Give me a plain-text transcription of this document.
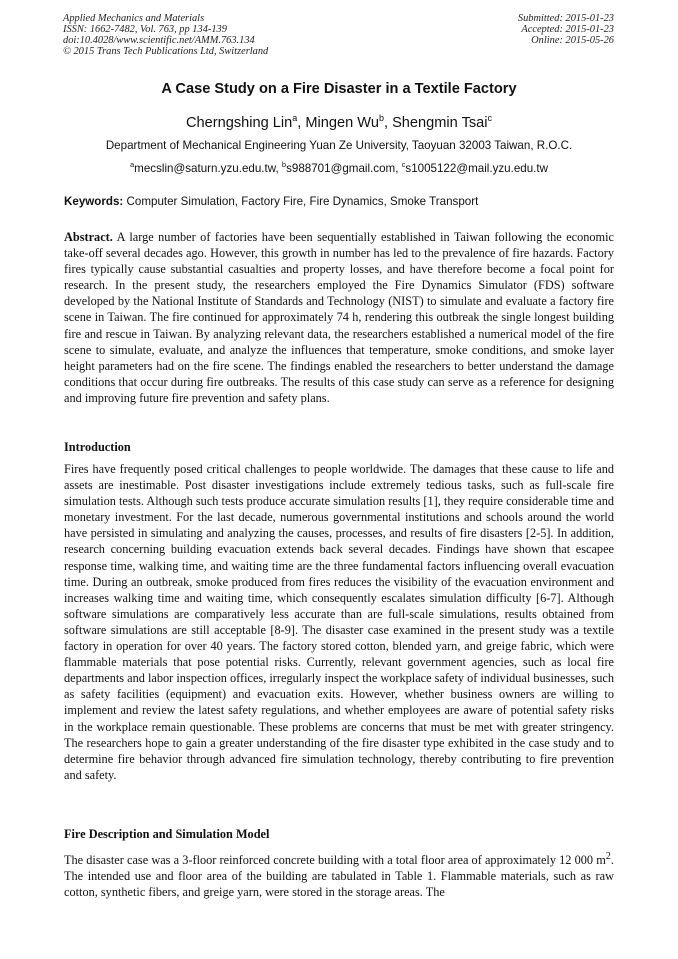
Applied Mechanics and Materials
ISSN: 1662-7482, Vol. 763, pp 134-139
doi:10.4028/www.scientific.net/AMM.763.134
© 2015 Trans Tech Publications Ltd, Switzerland
Submitted: 2015-01-23
Accepted: 2015-01-23
Online: 2015-05-26
A Case Study on a Fire Disaster in a Textile Factory
Cherngshing Lin$^a$, Mingen Wu$^b$, Shengmin Tsai$^c$
Department of Mechanical Engineering Yuan Ze University, Taoyuan 32003 Taiwan, R.O.C.
$^a$mecslin@saturn.yzu.edu.tw, $^b$s988701@gmail.com, $^c$s1005122@mail.yzu.edu.tw
Keywords: Computer Simulation, Factory Fire, Fire Dynamics, Smoke Transport
Abstract. A large number of factories have been sequentially established in Taiwan following the economic take-off several decades ago. However, this growth in number has led to the prevalence of fire hazards. Factory fires typically cause substantial casualties and property losses, and have therefore become a focal point for research. In the present study, the researchers employed the Fire Dynamics Simulator (FDS) software developed by the National Institute of Standards and Technology (NIST) to simulate and evaluate a factory fire scene in Taiwan. The fire continued for approximately 74 h, rendering this outbreak the single longest building fire and rescue in Taiwan. By analyzing relevant data, the researchers established a numerical model of the fire scene to simulate, evaluate, and analyze the influences that temperature, smoke conditions, and smoke layer height parameters had on the fire scene. The findings enabled the researchers to better understand the damage conditions that occur during fire outbreaks. The results of this case study can serve as a reference for designing and improving future fire prevention and safety plans.
Introduction
Fires have frequently posed critical challenges to people worldwide. The damages that these cause to life and assets are inestimable. Post disaster investigations include extremely tedious tasks, such as full-scale fire simulation tests. Although such tests produce accurate simulation results [1], they require considerable time and monetary investment. For the last decade, numerous governmental institutions and schools around the world have persisted in simulating and analyzing the causes, processes, and results of fire disasters [2-5]. In addition, research concerning building evacuation extends back several decades. Findings have shown that escapee response time, walking time, and waiting time are the three fundamental factors influencing overall evacuation time. During an outbreak, smoke produced from fires reduces the visibility of the evacuation environment and increases walking time and waiting time, which consequently escalates simulation difficulty [6-7]. Although software simulations are comparatively less accurate than are full-scale simulations, results obtained from software simulations are still acceptable [8-9]. The disaster case examined in the present study was a textile factory in operation for over 40 years. The factory stored cotton, blended yarn, and greige fabric, which were flammable materials that pose potential risks. Currently, relevant government agencies, such as local fire departments and labor inspection offices, irregularly inspect the workplace safety of individual businesses, such as safety facilities (equipment) and evacuation exits. However, whether business owners are willing to implement and review the latest safety regulations, and whether employees are aware of potential safety risks in the workplace remain questionable. These problems are concerns that must be met with greater stringency. The researchers hope to gain a greater understanding of the fire disaster type exhibited in the case study and to determine fire behavior through advanced fire simulation technology, thereby contributing to fire prevention and safety.
Fire Description and Simulation Model
The disaster case was a 3-floor reinforced concrete building with a total floor area of approximately 12 000 $m^2$. The intended use and floor area of the building are tabulated in Table 1. Flammable materials, such as raw cotton, synthetic fibers, and greige yarn, were stored in the storage areas. The
